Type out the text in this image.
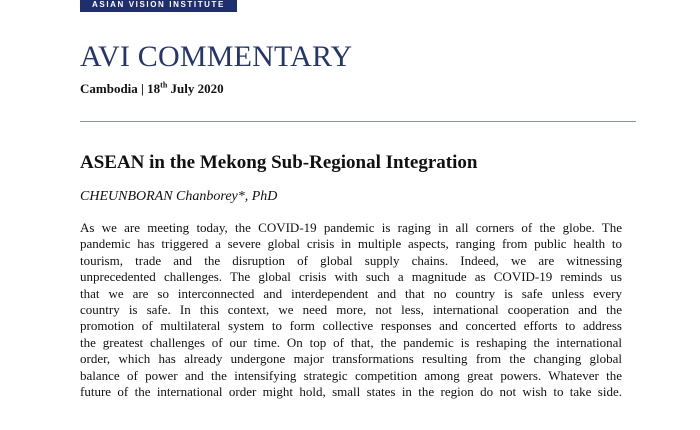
ASIAN VISION INSTITUTE
AVI COMMENTARY

Cambodia | 18th July 2020

ASEAN in the Mekong Sub-Regional Integration

CHEUNBORAN Chanborey*, PhD

As we are meeting today, the COVID-19 pandemic is raging in all corners of the globe. The
pandemic has triggered a severe global crisis in multiple aspects, ranging from public health to
tourism, trade and the disruption of global supply chains. Indeed, we are witnessing
unprecedented challenges. The global crisis with such a magnitude as COVID-19 reminds us
that we are so interconnected and interdependent and that no country is safe unless every
country is safe. In this context, we need more, not less, international cooperation and the
promotion of multilateral system to form collective responses and concerted efforts to address
the greatest challenges of our time. On top of that, the pandemic is reshaping the international
order, which has already undergone major transformations resulting from the changing global
balance of power and the intensifying strategic competition among great powers. Whatever the
future of the international order might hold, small states in the region do not wish to take side.
